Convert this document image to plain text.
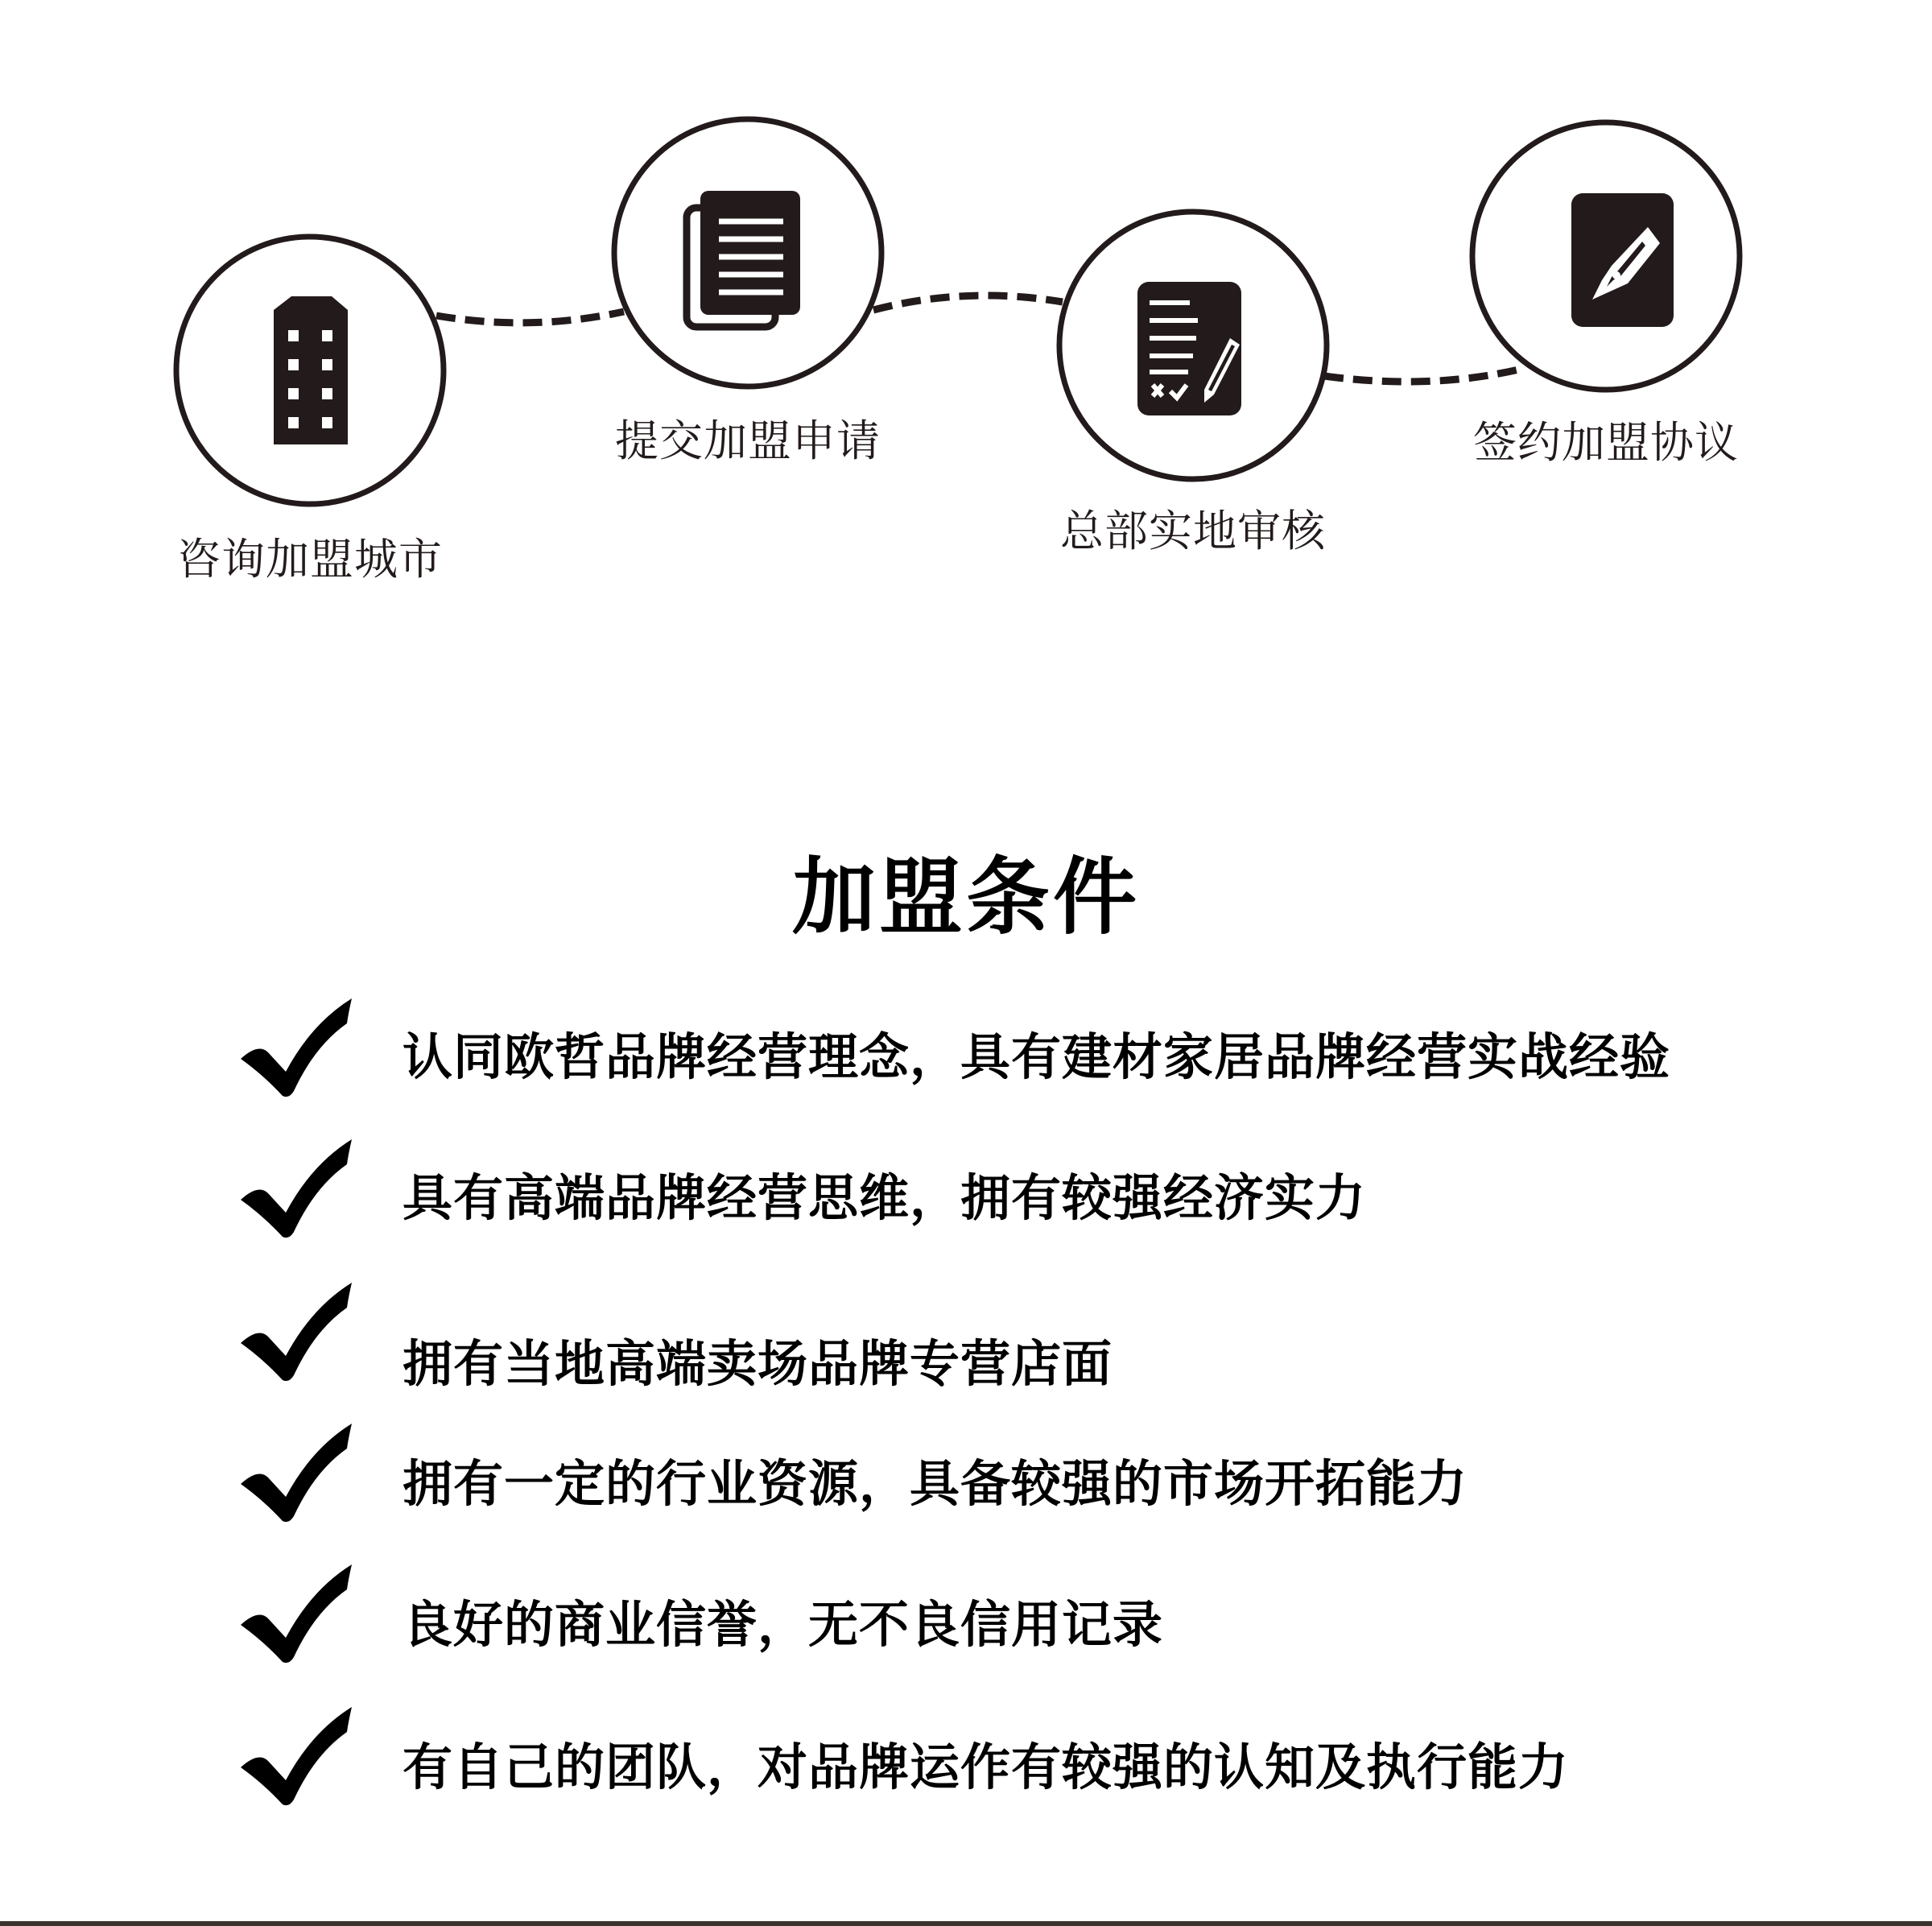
咨询加盟城市
提交加盟申请
总部实地审核
签约加盟协议
加盟条件
认同欧哲品牌经营理念，具有建材家居品牌经营实战经验
具有高端品牌经营思维，拥有较强经济实力
拥有当地高端卖场品牌专营店面
拥有一定的行业资源，具备较强的市场开拓能力
良好的商业信誉，无不良信用记录
有自己的团队，对品牌运作有较强的认知及执行能力
